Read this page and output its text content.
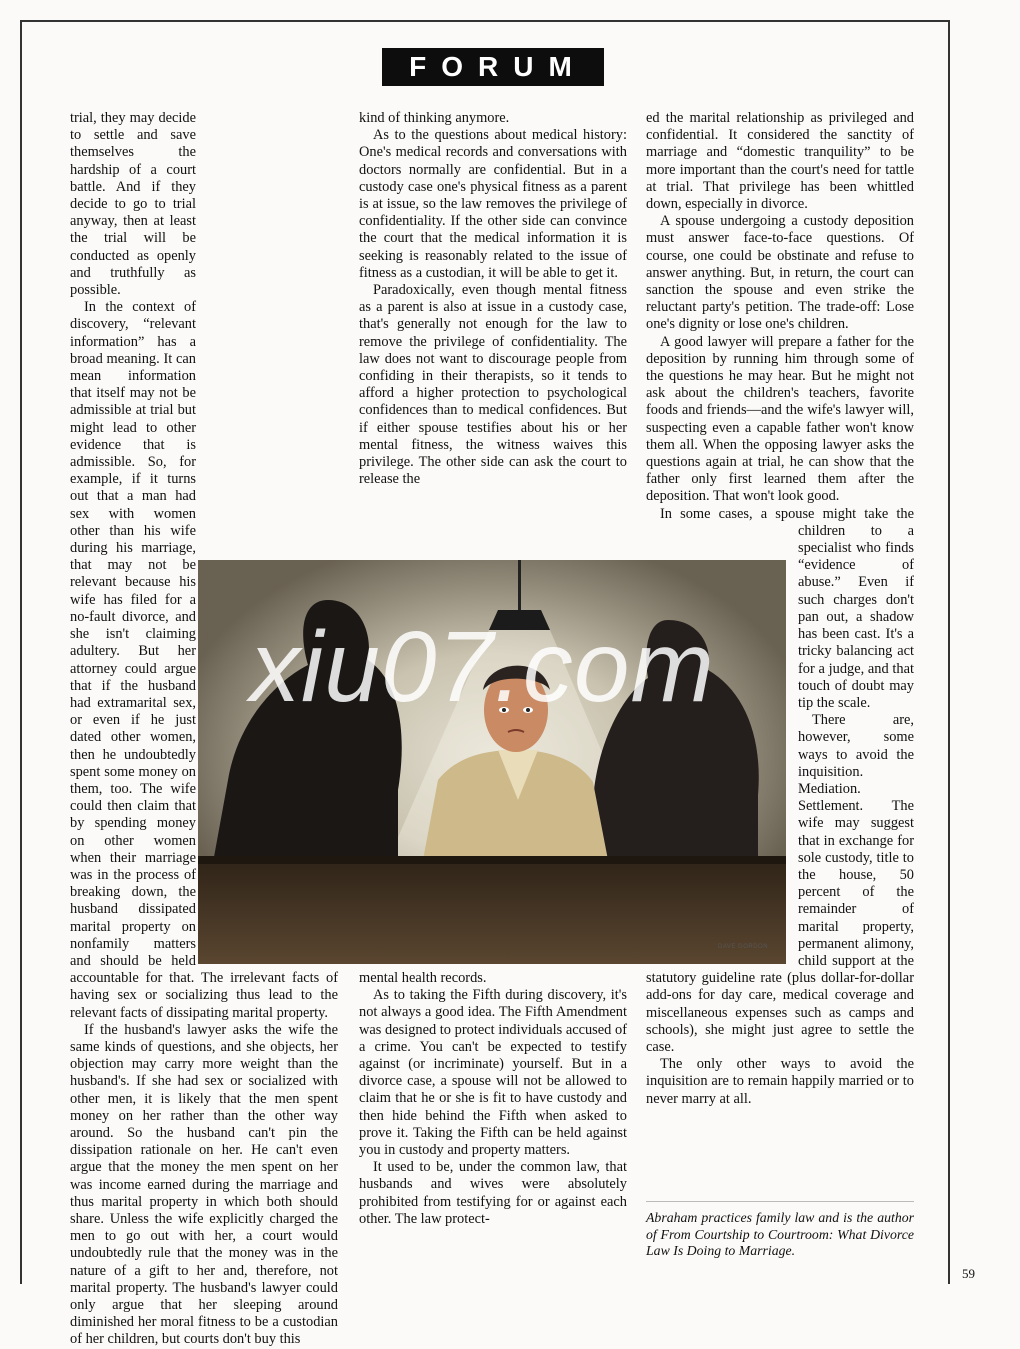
FORUM

trial, they may decide to settle and save themselves the hardship of a court battle. And if they decide to go to trial anyway, then at least the trial will be conducted as openly and truthfully as possible.

In the context of discovery, “relevant information” has a broad meaning. It can mean information that itself may not be admissible at trial but might lead to other evidence that is admissible. So, for example, if it turns out that a man had sex with women other than his wife during his marriage, that may not be relevant because his wife has filed for a no-fault divorce, and she isn't claiming adultery. But her attorney could argue that if the husband had extramarital sex, or even if he just dated other women, then he undoubtedly spent some money on them, too. The wife could then claim that by spending money on other women when their marriage was in the process of breaking down, the husband dissipated marital property on nonfamily matters and should be held accountable for that. The irrelevant facts of having sex or socializing thus lead to the relevant facts of dissipating marital property.

If the husband's lawyer asks the wife the same kinds of questions, and she objects, her objection may carry more weight than the husband's. If she had sex or socialized with other men, it is likely that the men spent money on her rather than the other way around. So the husband can't pin the dissipation rationale on her. He can't even argue that the money the men spent on her was income earned during the marriage and thus marital property in which both should share. Unless the wife explicitly charged the men to go out with her, a court would undoubtedly rule that the money was in the nature of a gift to her and, therefore, not marital property. The husband's lawyer could only argue that her sleeping around diminished her moral fitness to be a custodian of her children, but courts don't buy this

kind of thinking anymore.

As to the questions about medical history: One's medical records and conversations with doctors normally are confidential. But in a custody case one's physical fitness as a parent is at issue, so the law removes the privilege of confidentiality. If the other side can convince the court that the medical information it is seeking is reasonably related to the issue of fitness as a custodian, it will be able to get it.

Paradoxically, even though mental fitness as a parent is also at issue in a custody case, that's generally not enough for the law to remove the privilege of confidentiality. The law does not want to discourage people from confiding in their therapists, so it tends to afford a higher protection to psychological confidences than to medical confidences. But if either spouse testifies about his or her mental fitness, the witness waives this privilege. The other side can ask the court to release the

mental health records.

As to taking the Fifth during discovery, it's not always a good idea. The Fifth Amendment was designed to protect individuals accused of a crime. You can't be expected to testify against (or incriminate) yourself. But in a divorce case, a spouse will not be allowed to claim that he or she is fit to have custody and then hide behind the Fifth when asked to prove it. Taking the Fifth can be held against you in custody and property matters.

It used to be, under the common law, that husbands and wives were absolutely prohibited from testifying for or against each other. The law protect-

ed the marital relationship as privileged and confidential. It considered the sanctity of marriage and “domestic tranquility” to be more important than the court's need for tattle at trial. That privilege has been whittled down, especially in divorce.

A spouse undergoing a custody deposition must answer face-to-face questions. Of course, one could be obstinate and refuse to answer anything. But, in return, the court can sanction the spouse and even strike the reluctant party's petition. The trade-off: Lose one's dignity or lose one's children.

A good lawyer will prepare a father for the deposition by running him through some of the questions he may hear. But he might not ask about the children's teachers, favorite foods and friends—and the wife's lawyer will, suspecting even a capable father won't know them all. When the opposing lawyer asks the questions again at trial, he can show that the father only first learned them after the deposition. That won't look good.

In some cases, a spouse might take the children to a specialist who finds “evidence of abuse.” Even if such charges don't pan out, a shadow has been cast. It's a tricky balancing act for a judge, and that touch of doubt may tip the scale.

There are, however, some ways to avoid the inquisition. Mediation. Settlement. The wife may suggest that in exchange for sole custody, title to the house, 50 percent of the remainder of marital property, permanent alimony, child support at the statutory guideline rate (plus dollar-for-dollar add-ons for day care, medical coverage and miscellaneous expenses such as camps and schools), she might just agree to settle the case.

The only other ways to avoid the inquisition are to remain happily married or to never marry at all.

xiu07.com
DAVE GORDON
Abraham practices family law and is the author of From Courtship to Courtroom: What Divorce Law Is Doing to Marriage.
59
